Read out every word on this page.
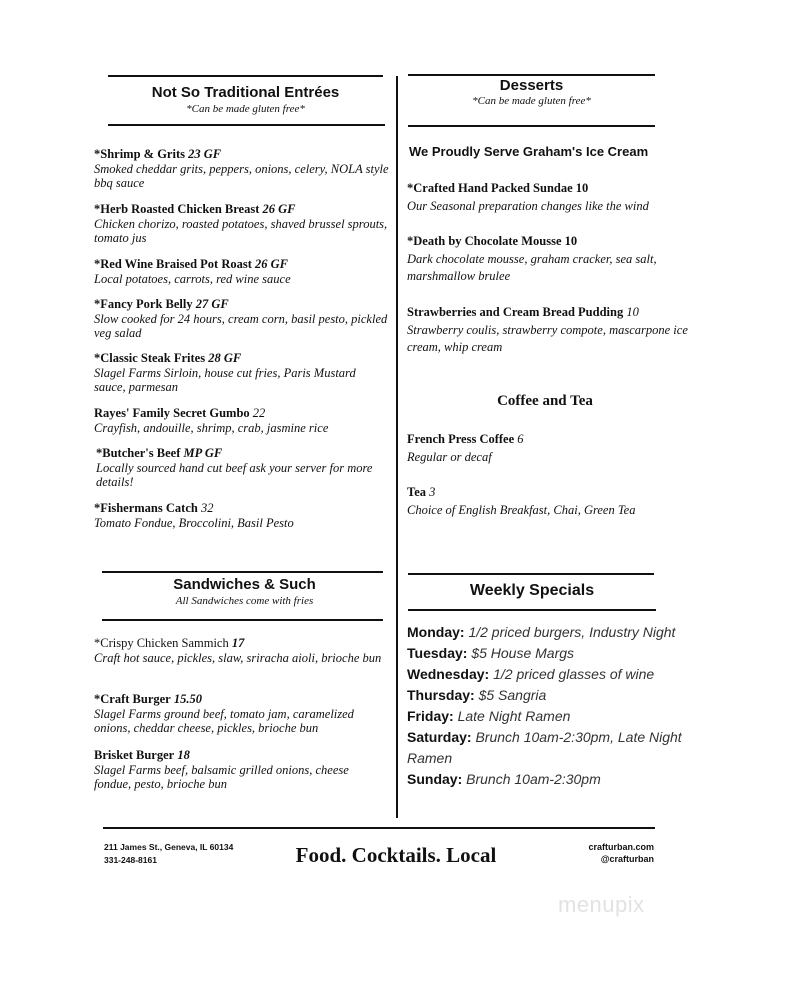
Not So Traditional Entrées
*Can be made gluten free*
*Shrimp & Grits 23 GF
Smoked cheddar grits, peppers, onions, celery, NOLA style bbq sauce
*Herb Roasted Chicken Breast 26 GF
Chicken chorizo, roasted potatoes, shaved brussel sprouts, tomato jus
*Red Wine Braised Pot Roast 26 GF
Local potatoes, carrots, red wine sauce
*Fancy Pork Belly 27 GF
Slow cooked for 24 hours, cream corn, basil pesto, pickled veg salad
*Classic Steak Frites 28 GF
Slagel Farms Sirloin, house cut fries, Paris Mustard sauce, parmesan
Rayes' Family Secret Gumbo 22
Crayfish, andouille, shrimp, crab, jasmine rice
*Butcher's Beef MP GF
Locally sourced hand cut beef ask your server for more details!
*Fishermans Catch 32
Tomato Fondue, Broccolini, Basil Pesto
Sandwiches & Such
All Sandwiches come with fries
*Crispy Chicken Sammich 17
Craft hot sauce, pickles, slaw, sriracha aioli, brioche bun
*Craft Burger 15.50
Slagel Farms ground beef, tomato jam, caramelized onions, cheddar cheese, pickles, brioche bun
Brisket Burger 18
Slagel Farms beef, balsamic grilled onions, cheese fondue, pesto, brioche bun
Desserts
*Can be made gluten free*
We Proudly Serve Graham's Ice Cream
*Crafted Hand Packed Sundae 10
Our Seasonal preparation changes like the wind
*Death by Chocolate Mousse 10
Dark chocolate mousse, graham cracker, sea salt, marshmallow brulee
Strawberries and Cream Bread Pudding 10
Strawberry coulis, strawberry compote, mascarpone ice cream, whip cream
Coffee and Tea
French Press Coffee 6
Regular or decaf
Tea 3
Choice of English Breakfast, Chai, Green Tea
Weekly Specials
Monday: 1/2 priced burgers, Industry Night
Tuesday: $5 House Margs
Wednesday: 1/2 priced glasses of wine
Thursday: $5 Sangria
Friday: Late Night Ramen
Saturday: Brunch 10am-2:30pm, Late Night Ramen
Sunday: Brunch 10am-2:30pm
211 James St., Geneva, IL 60134
331-248-8161	Food. Cocktails. Local	crafturban.com
@crafturban
menupix
